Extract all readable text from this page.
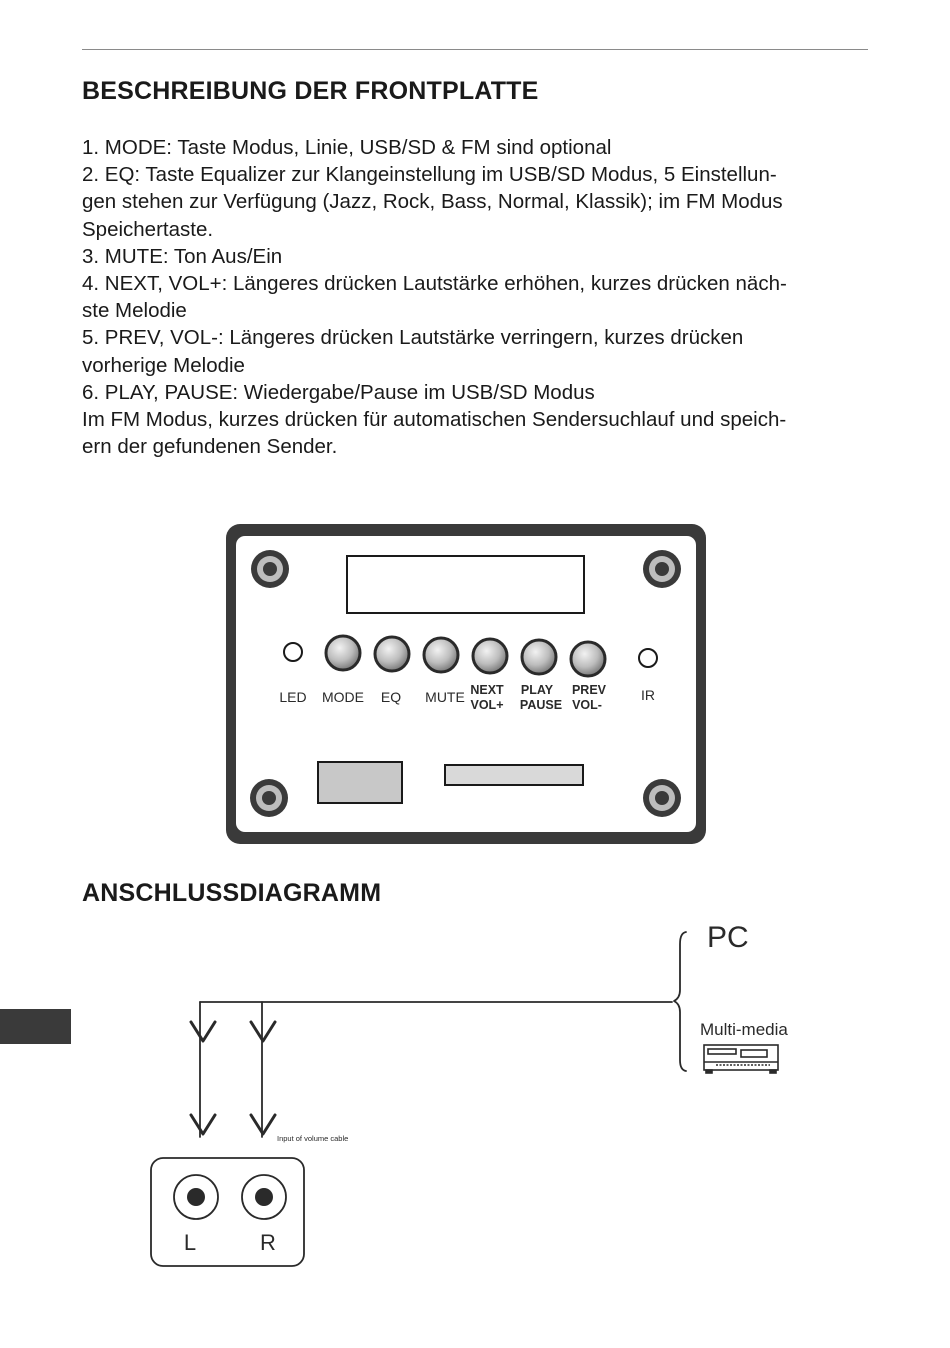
BESCHREIBUNG DER FRONTPLATTE
1. MODE: Taste Modus, Linie, USB/SD & FM sind optional
2. EQ: Taste Equalizer zur Klangeinstellung im USB/SD Modus, 5 Einstellun-
gen stehen zur Verfügung (Jazz, Rock, Bass, Normal, Klassik); im FM Modus
Speichertaste.
3. MUTE: Ton Aus/Ein
4. NEXT, VOL+: Längeres drücken Lautstärke erhöhen, kurzes drücken näch-
ste Melodie
5. PREV, VOL-: Längeres drücken Lautstärke verringern, kurzes drücken
vorherige Melodie
6. PLAY, PAUSE: Wiedergabe/Pause im USB/SD Modus
Im FM Modus, kurzes drücken für automatischen Sendersuchlauf und speich-
ern der gefundenen Sender.
LED MODE EQ MUTE NEXT
VOL+
PLAY
PAUSE
PREV
VOL-
IR
ANSCHLUSSDIAGRAMM
L	R
Input of volume cable
PC
Multi-media
